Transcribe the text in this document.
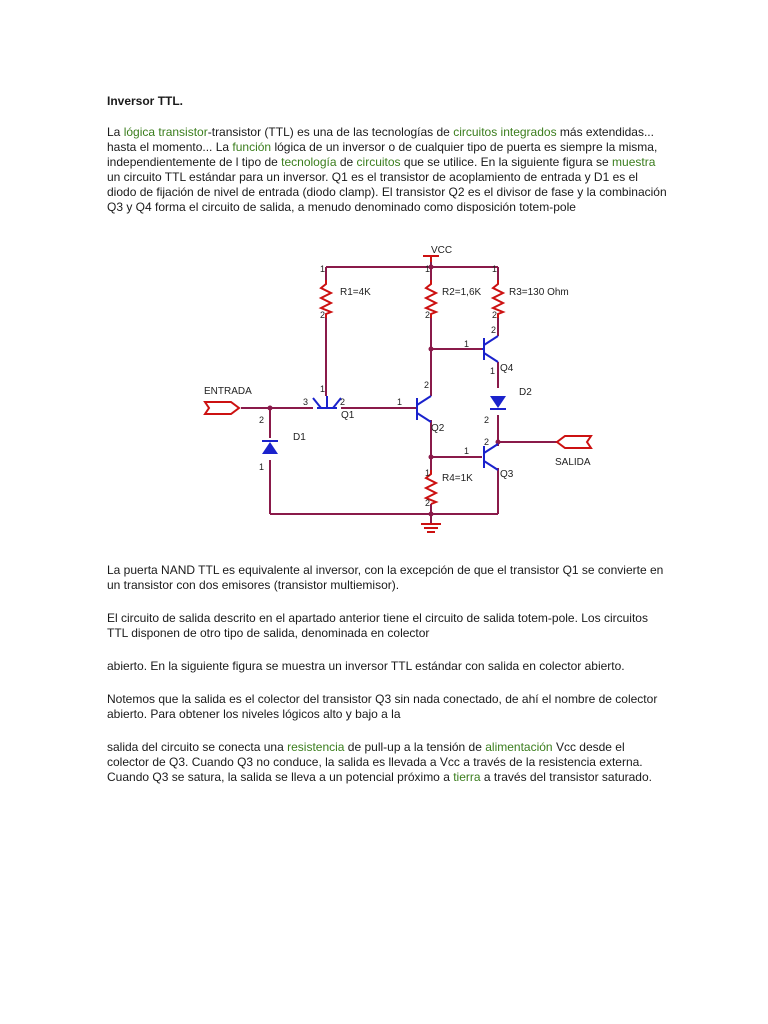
Inversor TTL.
La lógica transistor-transistor (TTL) es una de las tecnologías de circuitos integrados más extendidas... hasta el momento... La función lógica de un inversor o de cualquier tipo de puerta es siempre la misma, independientemente de l tipo de tecnología de circuitos que se utilice. En la siguiente figura se muestra un circuito TTL estándar para un inversor. Q1 es el transistor de acoplamiento de entrada y D1 es el diodo de fijación de nivel de entrada (diodo clamp). El transistor Q2 es el divisor de fase y la combinación Q3 y Q4 forma el circuito de salida, a menudo denominado como disposición totem-pole
VCC
R1=4K	R2=1,6K	R3=130 Ohm
R4=1K
Q1
Q2
Q4
Q3
D2
D1
ENTRADA
SALIDA
1
2
1
2
1
2
2
1
1
2
1
2
1
3	2	1
2
1
2
2
1
La puerta NAND TTL es equivalente al inversor, con la excepción de que el transistor Q1 se convierte en un transistor con dos emisores (transistor multiemisor).
El circuito de salida descrito en el apartado anterior tiene el circuito de salida totem-pole. Los circuitos TTL disponen de otro tipo de salida, denominada en colector
abierto. En la siguiente figura se muestra un inversor TTL estándar con salida en colector abierto.
Notemos que la salida es el colector del transistor Q3 sin nada conectado, de ahí el nombre de colector abierto. Para obtener los niveles lógicos alto y bajo a la
salida del circuito se conecta una resistencia de pull-up a la tensión de alimentación Vcc desde el colector de Q3. Cuando Q3 no conduce, la salida es llevada a Vcc a través de la resistencia externa. Cuando Q3 se satura, la salida se lleva a un potencial próximo a tierra a través del transistor saturado.
